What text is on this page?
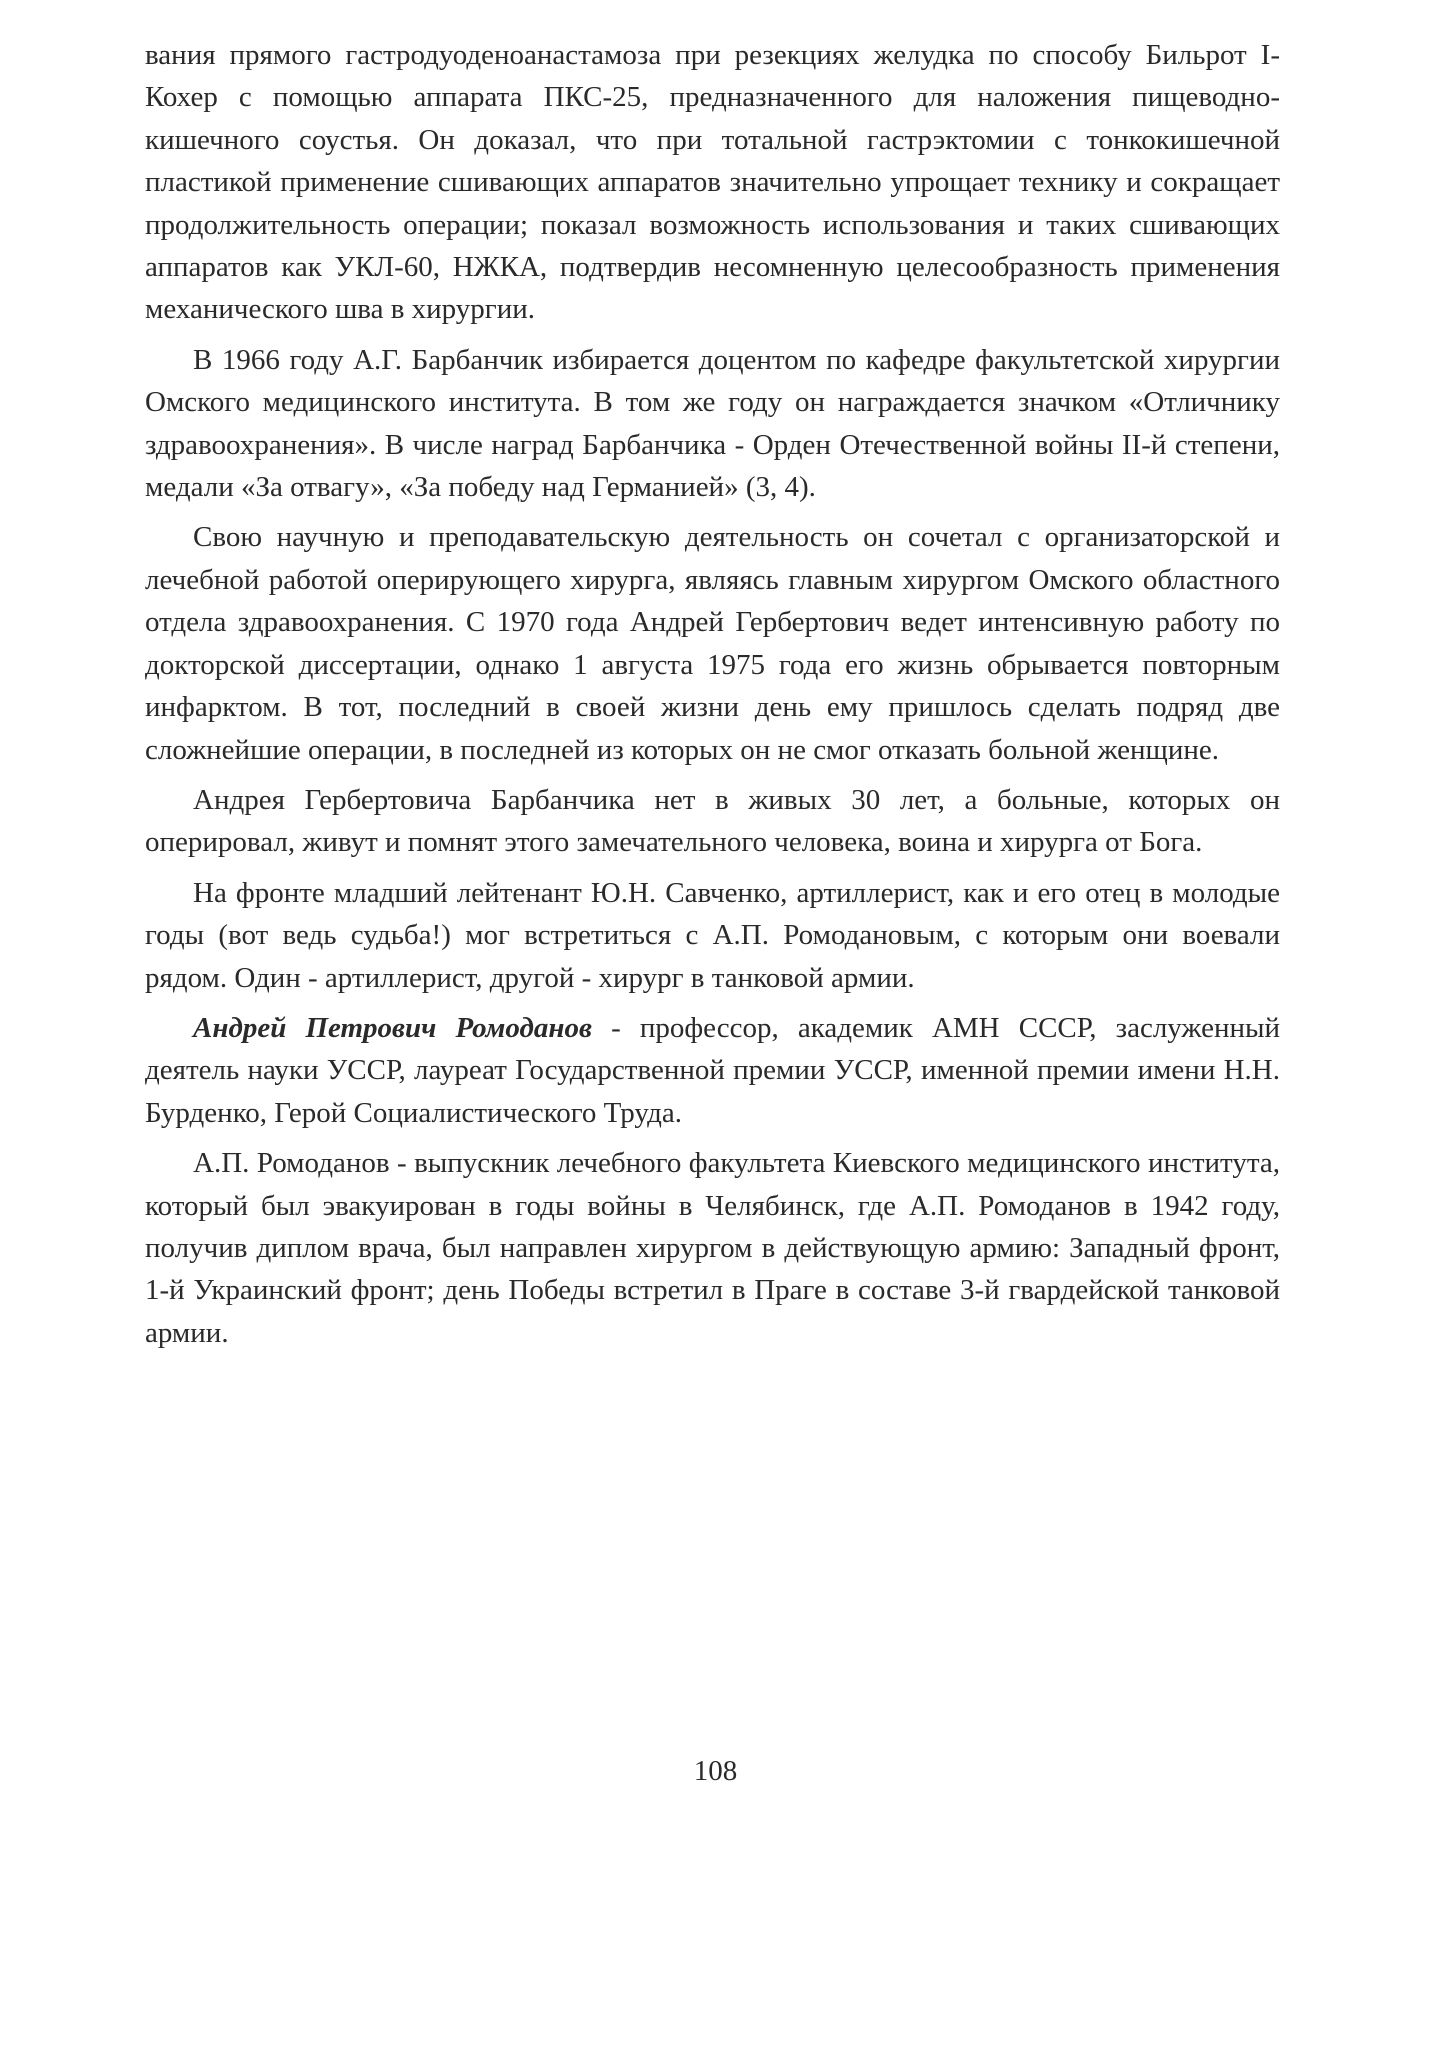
вания прямого гастродуоденоанастамоза при резекциях желудка по способу Бильрот I-Кохер с помощью аппарата ПКС-25, предназначенного для наложения пищеводно-кишечного соустья. Он доказал, что при тотальной гастрэктомии с тонкокишечной пластикой применение сшивающих аппаратов значительно упрощает технику и сокращает продолжительность операции; показал возможность использования и таких сшивающих аппаратов как УКЛ-60, НЖКА, подтвердив несомненную целесообразность применения механического шва в хирургии.

В 1966 году А.Г. Барбанчик избирается доцентом по кафедре факультетской хирургии Омского медицинского института. В том же году он награждается значком «Отличнику здравоохранения». В числе наград Барбанчика - Орден Отечественной войны II-й степени, медали «За отвагу», «За победу над Германией» (3, 4).

Свою научную и преподавательскую деятельность он сочетал с организаторской и лечебной работой оперирующего хирурга, являясь главным хирургом Омского областного отдела здравоохранения. С 1970 года Андрей Гербертович ведет интенсивную работу по докторской диссертации, однако 1 августа 1975 года его жизнь обрывается повторным инфарктом. В тот, последний в своей жизни день ему пришлось сделать подряд две сложнейшие операции, в последней из которых он не смог отказать больной женщине.

Андрея Гербертовича Барбанчика нет в живых 30 лет, а больные, которых он оперировал, живут и помнят этого замечательного человека, воина и хирурга от Бога.

На фронте младший лейтенант Ю.Н. Савченко, артиллерист, как и его отец в молодые годы (вот ведь судьба!) мог встретиться с А.П. Ромодановым, с которым они воевали рядом. Один - артиллерист, другой - хирург в танковой армии.

Андрей Петрович Ромоданов - профессор, академик АМН СССР, заслуженный деятель науки УССР, лауреат Государственной премии УССР, именной премии имени Н.Н. Бурденко, Герой Социалистического Труда.

А.П. Ромоданов - выпускник лечебного факультета Киевского медицинского института, который был эвакуирован в годы войны в Челябинск, где А.П. Ромоданов в 1942 году, получив диплом врача, был направлен хирургом в действующую армию: Западный фронт, 1-й Украинский фронт; день Победы встретил в Праге в составе 3-й гвардейской танковой армии.

108
